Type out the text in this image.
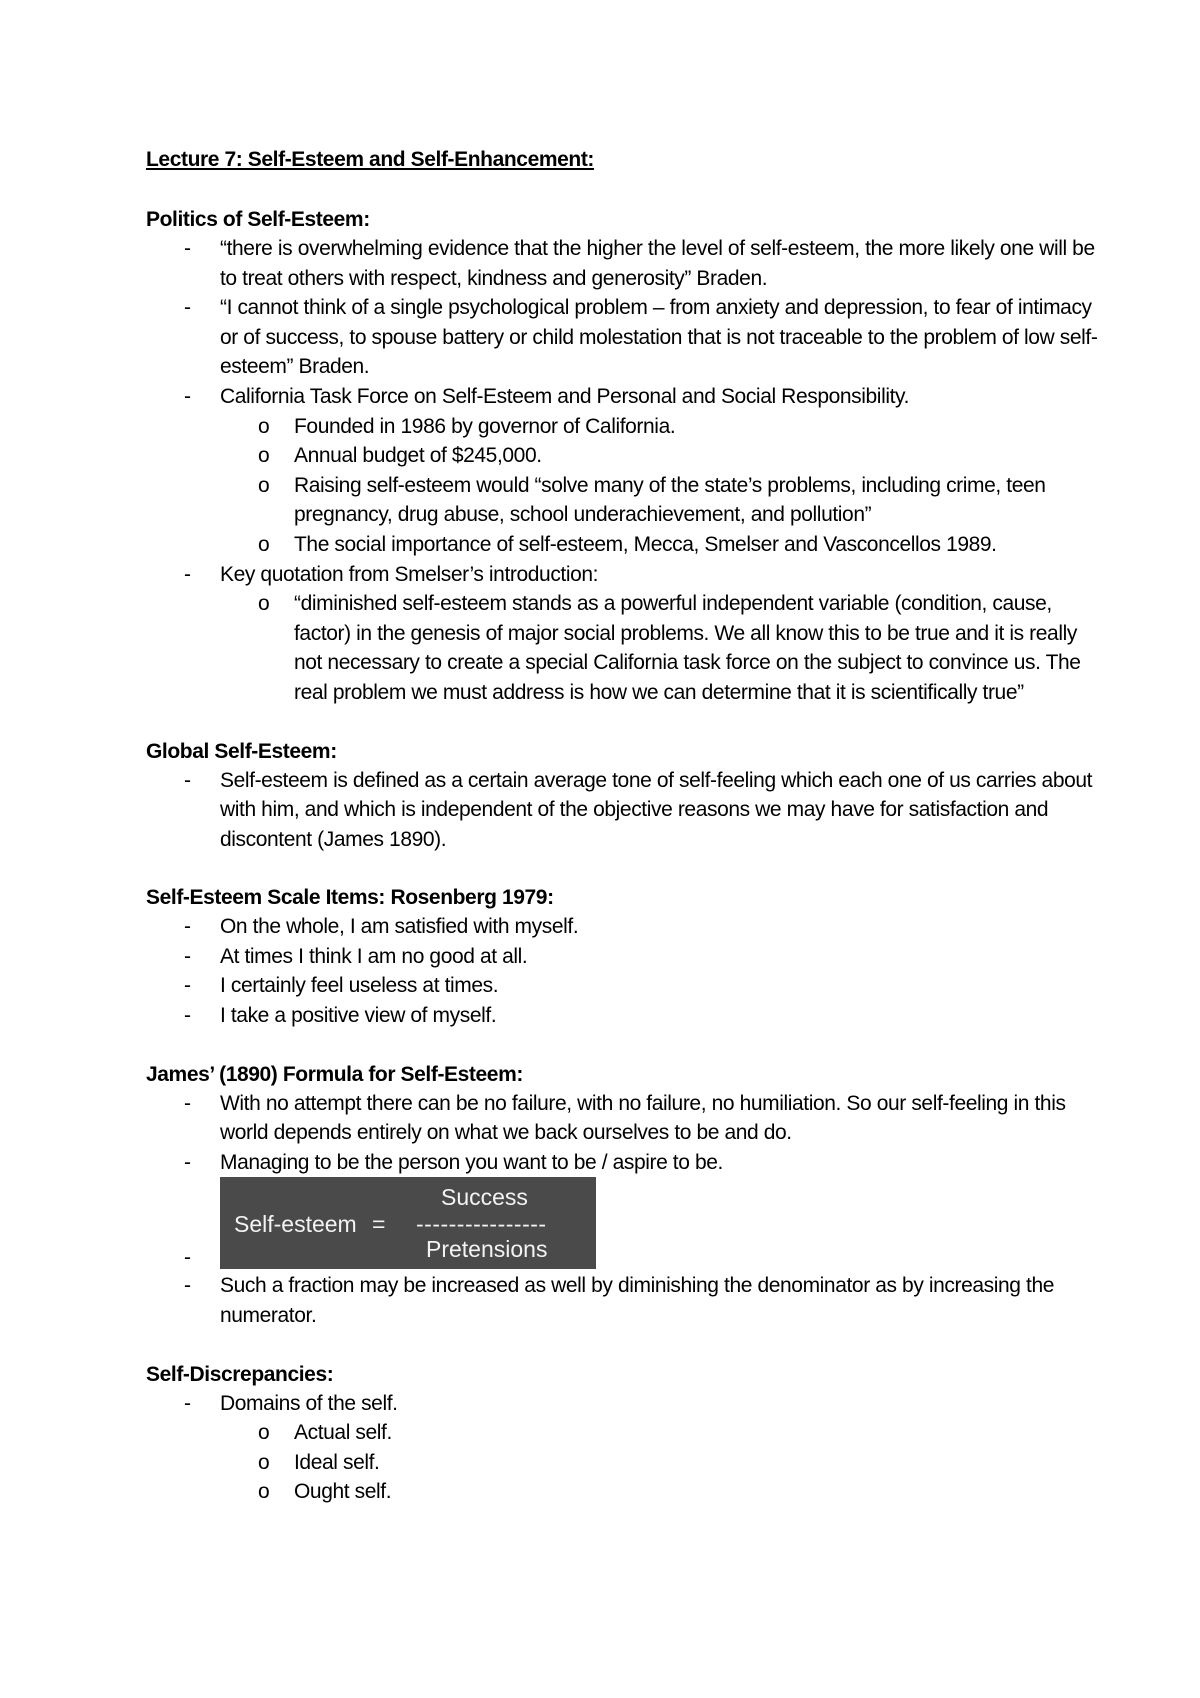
Lecture 7: Self-Esteem and Self-Enhancement:
Politics of Self-Esteem:
- “there is overwhelming evidence that the higher the level of self-esteem, the more likely one will be to treat others with respect, kindness and generosity” Braden.
- “I cannot think of a single psychological problem – from anxiety and depression, to fear of intimacy or of success, to spouse battery or child molestation that is not traceable to the problem of low self-esteem” Braden.
- California Task Force on Self-Esteem and Personal and Social Responsibility.
o Founded in 1986 by governor of California.
o Annual budget of $245,000.
o Raising self-esteem would “solve many of the state’s problems, including crime, teen pregnancy, drug abuse, school underachievement, and pollution”
o The social importance of self-esteem, Mecca, Smelser and Vasconcellos 1989.
- Key quotation from Smelser’s introduction:
o “diminished self-esteem stands as a powerful independent variable (condition, cause, factor) in the genesis of major social problems. We all know this to be true and it is really not necessary to create a special California task force on the subject to convince us. The real problem we must address is how we can determine that it is scientifically true”
Global Self-Esteem:
- Self-esteem is defined as a certain average tone of self-feeling which each one of us carries about with him, and which is independent of the objective reasons we may have for satisfaction and discontent (James 1890).
Self-Esteem Scale Items: Rosenberg 1979:
- On the whole, I am satisfied with myself.
- At times I think I am no good at all.
- I certainly feel useless at times.
- I take a positive view of myself.
James’ (1890) Formula for Self-Esteem:
- With no attempt there can be no failure, with no failure, no humiliation. So our self-feeling in this world depends entirely on what we back ourselves to be and do.
- Managing to be the person you want to be / aspire to be.
-
Self-esteem =
Success
----------------
Pretensions
- Such a fraction may be increased as well by diminishing the denominator as by increasing the numerator.
Self-Discrepancies:
- Domains of the self.
o Actual self.
o Ideal self.
o Ought self.
